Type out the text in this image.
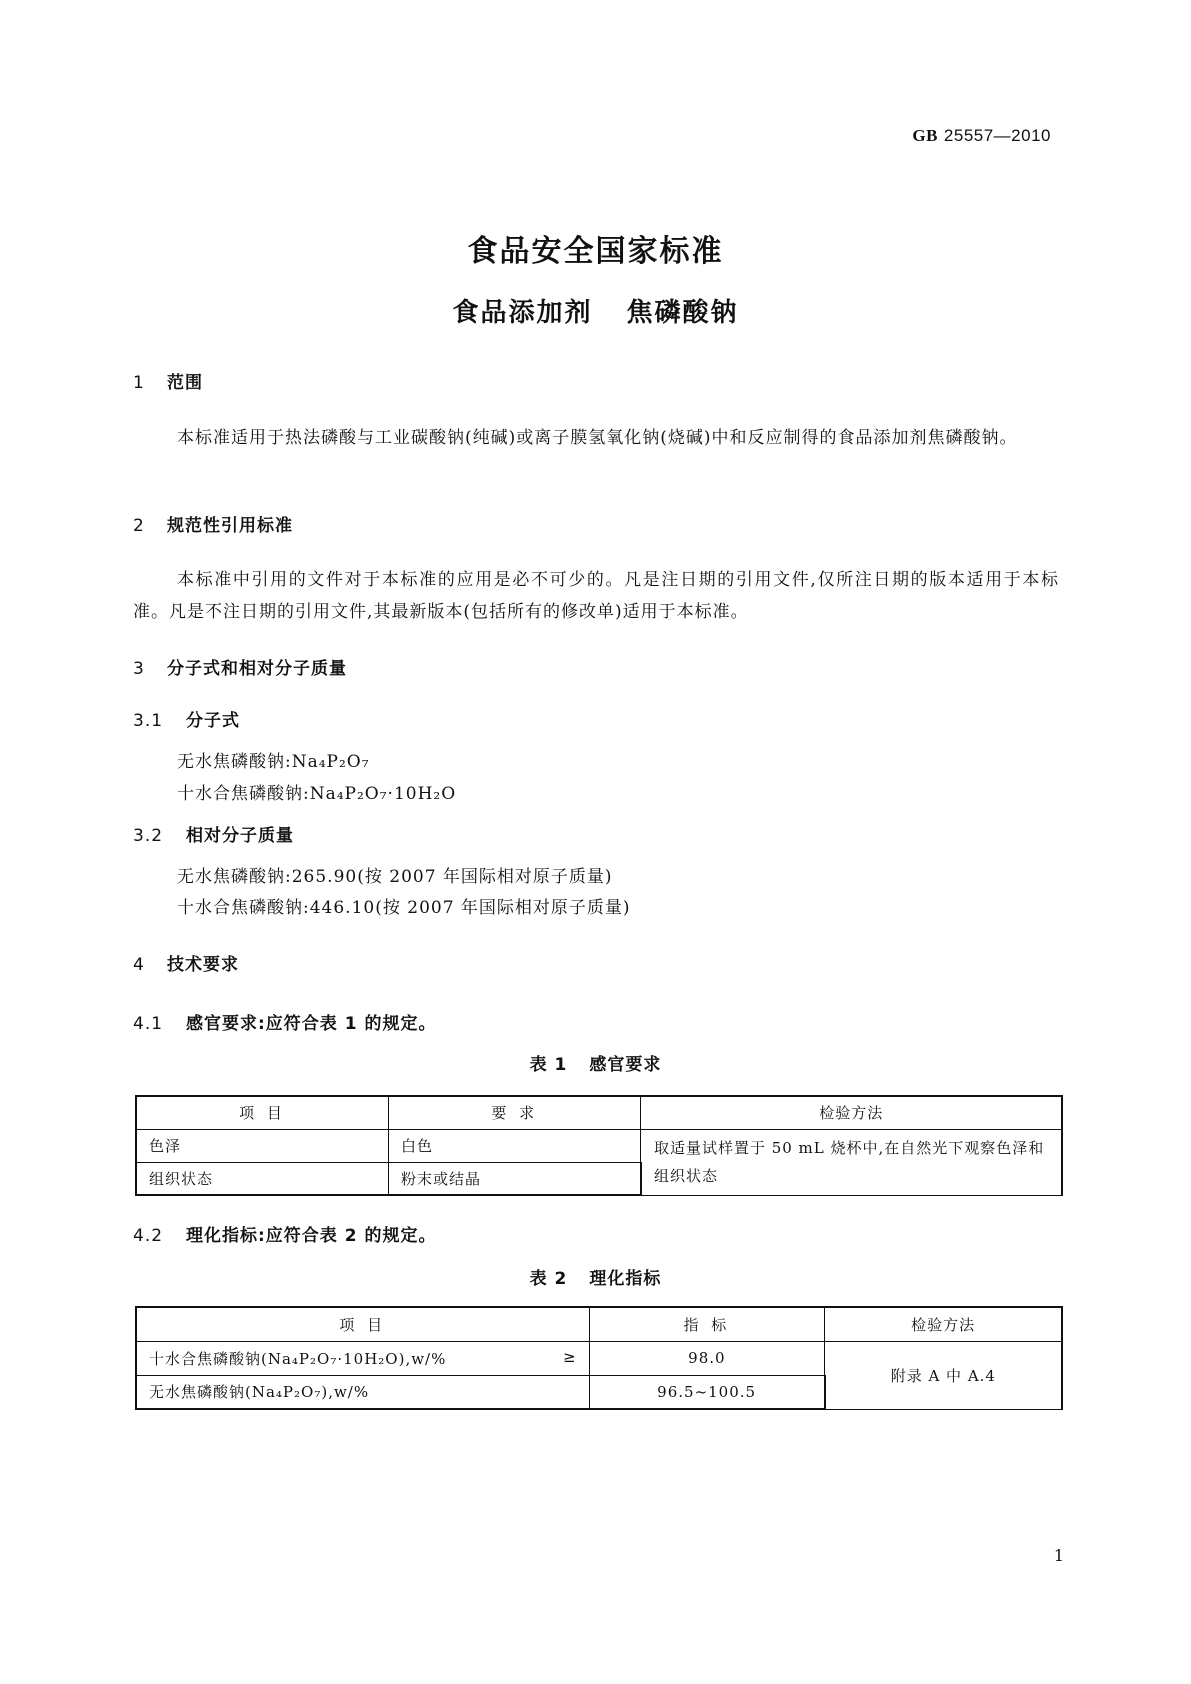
GB 25557—2010
食品安全国家标准
食品添加剂 焦磷酸钠
1 范围
本标准适用于热法磷酸与工业碳酸钠(纯碱)或离子膜氢氧化钠(烧碱)中和反应制得的食品添加剂焦磷酸钠。
2 规范性引用标准
本标准中引用的文件对于本标准的应用是必不可少的。凡是注日期的引用文件,仅所注日期的版本适用于本标准。凡是不注日期的引用文件,其最新版本(包括所有的修改单)适用于本标准。
3 分子式和相对分子质量
3.1 分子式
无水焦磷酸钠:Na₄P₂O₇
十水合焦磷酸钠:Na₄P₂O₇·10H₂O
3.2 相对分子质量
无水焦磷酸钠:265.90(按 2007 年国际相对原子质量)
十水合焦磷酸钠:446.10(按 2007 年国际相对原子质量)
4 技术要求
4.1 感官要求:应符合表 1 的规定。
表 1 感官要求
项 目	要 求	检验方法
色泽	白色	取适量试样置于 50 mL 烧杯中,在自然光下观察色泽和组织状态
组织状态	粉末或结晶	
4.2 理化指标:应符合表 2 的规定。
表 2 理化指标
项 目	指 标	检验方法
十水合焦磷酸钠(Na₄P₂O₇·10H₂O),w/% ≥	98.0	附录 A 中 A.4
无水焦磷酸钠(Na₄P₂O₇),w/%	96.5~100.5	
1
